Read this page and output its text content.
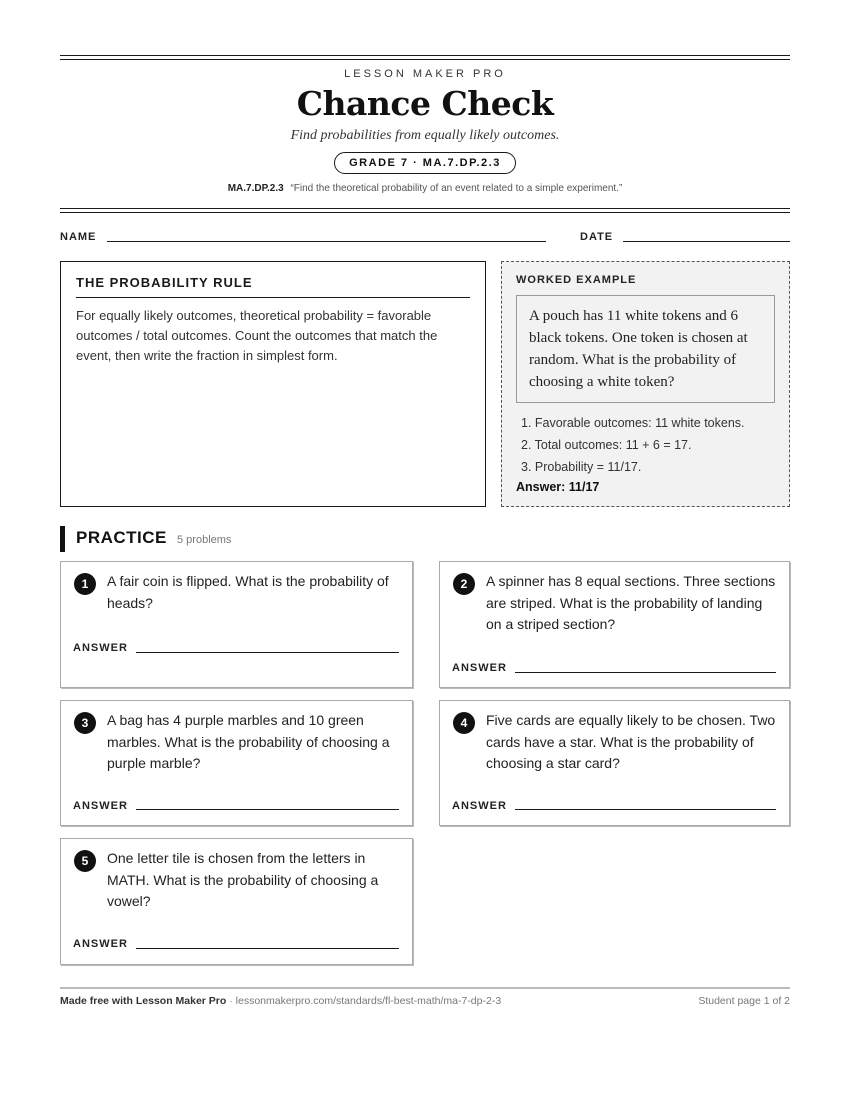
LESSON MAKER PRO
Chance Check
Find probabilities from equally likely outcomes.
GRADE 7 · MA.7.DP.2.3
MA.7.DP.2.3 “Find the theoretical probability of an event related to a simple experiment.”
NAME	DATE
THE PROBABILITY RULE

For equally likely outcomes, theoretical probability = favorable outcomes / total outcomes. Count the outcomes that match the event, then write the fraction in simplest form.

WORKED EXAMPLE
A pouch has 11 white tokens and 6 black tokens. One token is chosen at random. What is the probability of choosing a white token?
1. Favorable outcomes: 11 white tokens.
2. Total outcomes: 11 + 6 = 17.
3. Probability = 11/17.
Answer: 11/17
PRACTICE 5 problems
1	A fair coin is flipped. What is the probability of heads?
ANSWER
2	A spinner has 8 equal sections. Three sections are striped. What is the probability of landing on a striped section?
ANSWER
3	A bag has 4 purple marbles and 10 green marbles. What is the probability of choosing a purple marble?
ANSWER
4	Five cards are equally likely to be chosen. Two cards have a star. What is the probability of choosing a star card?
ANSWER
5	One letter tile is chosen from the letters in MATH. What is the probability of choosing a vowel?
ANSWER
Made free with Lesson Maker Pro · lessonmakerpro.com/standards/fl-best-math/ma-7-dp-2-3	Student page 1 of 2
